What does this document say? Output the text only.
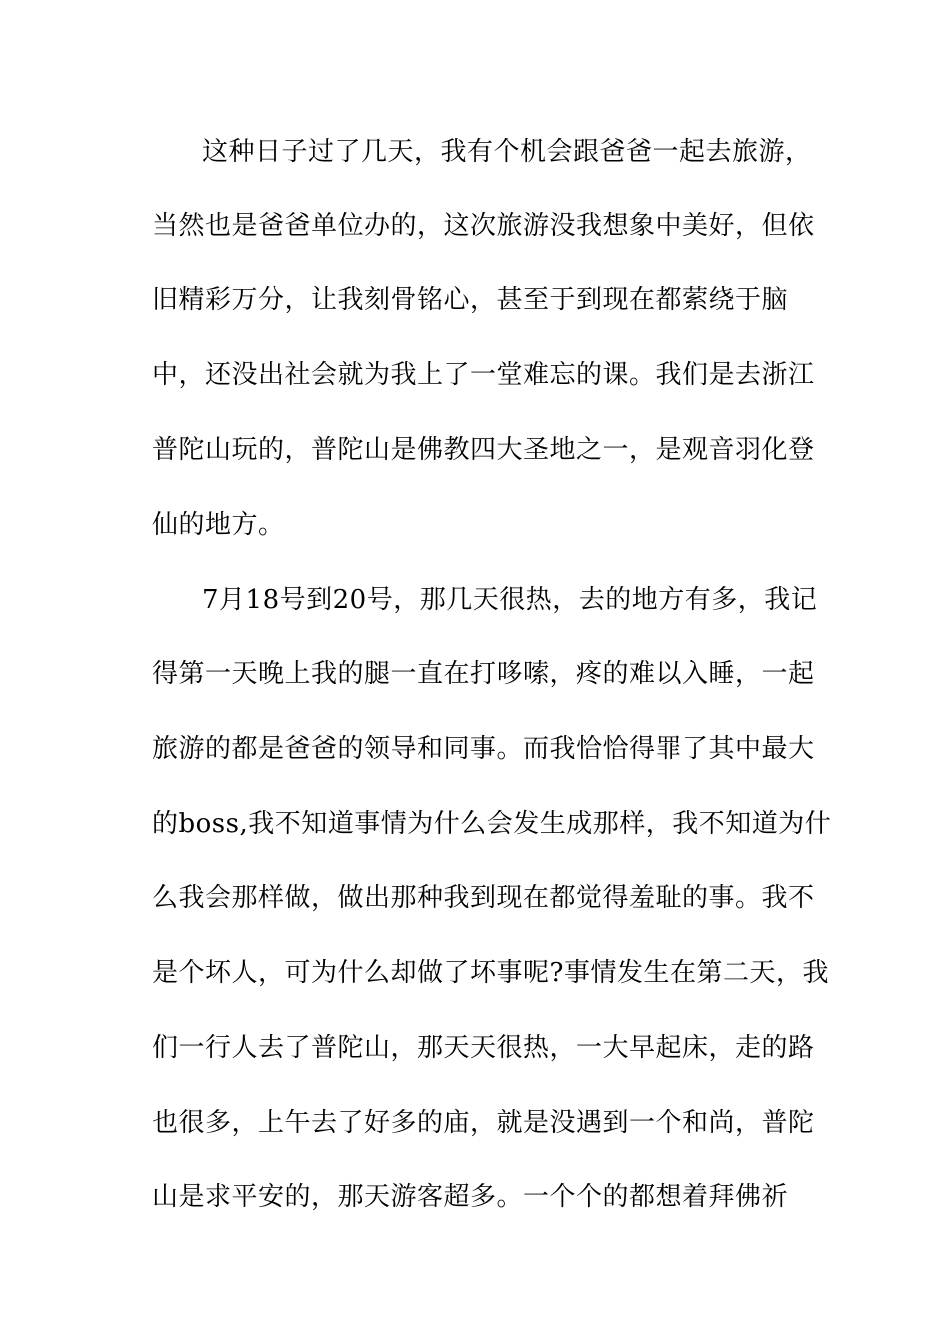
这种日子过了几天，我有个机会跟爸爸一起去旅游，
当然也是爸爸单位办的，这次旅游没我想象中美好，但依
旧精彩万分，让我刻骨铭心，甚至于到现在都萦绕于脑
中，还没出社会就为我上了一堂难忘的课。我们是去浙江
普陀山玩的，普陀山是佛教四大圣地之一，是观音羽化登
仙的地方。
7月18号到20号，那几天很热，去的地方有多，我记
得第一天晚上我的腿一直在打哆嗦，疼的难以入睡，一起
旅游的都是爸爸的领导和同事。而我恰恰得罪了其中最大
的boss,我不知道事情为什么会发生成那样，我不知道为什
么我会那样做，做出那种我到现在都觉得羞耻的事。我不
是个坏人，可为什么却做了坏事呢?事情发生在第二天，我
们一行人去了普陀山，那天天很热，一大早起床，走的路
也很多，上午去了好多的庙，就是没遇到一个和尚，普陀
山是求平安的，那天游客超多。一个个的都想着拜佛祈
